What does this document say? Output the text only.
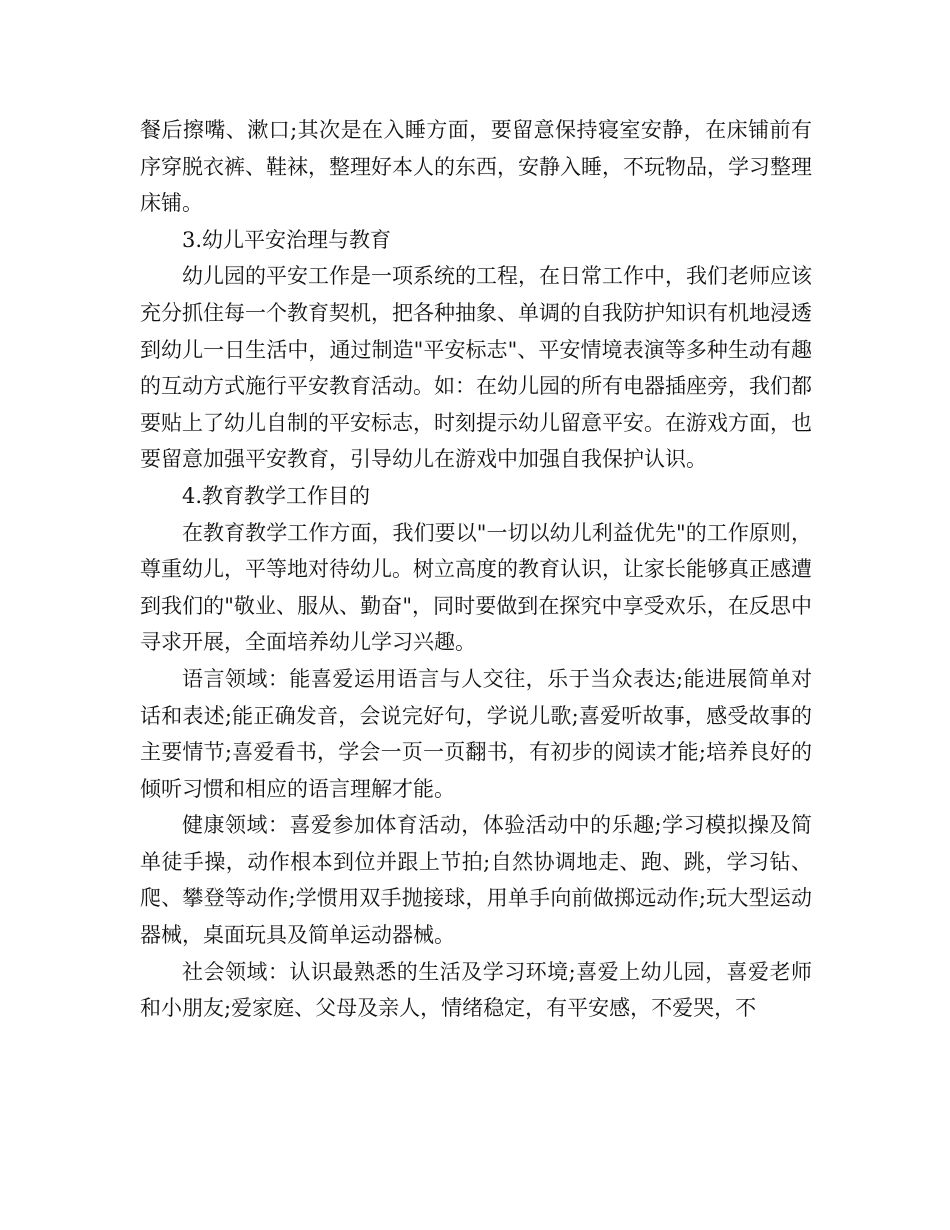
餐后擦嘴、漱口;其次是在入睡方面，要留意保持寝室安静，在床铺前有序穿脱衣裤、鞋袜，整理好本人的东西，安静入睡，不玩物品，学习整理床铺。

3.幼儿平安治理与教育

幼儿园的平安工作是一项系统的工程，在日常工作中，我们老师应该充分抓住每一个教育契机，把各种抽象、单调的自我防护知识有机地浸透到幼儿一日生活中，通过制造"平安标志"、平安情境表演等多种生动有趣的互动方式施行平安教育活动。如：在幼儿园的所有电器插座旁，我们都要贴上了幼儿自制的平安标志，时刻提示幼儿留意平安。在游戏方面，也要留意加强平安教育，引导幼儿在游戏中加强自我保护认识。

4.教育教学工作目的

在教育教学工作方面，我们要以"一切以幼儿利益优先"的工作原则，尊重幼儿，平等地对待幼儿。树立高度的教育认识，让家长能够真正感遭到我们的"敬业、服从、勤奋"，同时要做到在探究中享受欢乐，在反思中寻求开展，全面培养幼儿学习兴趣。

语言领域：能喜爱运用语言与人交往，乐于当众表达;能进展简单对话和表述;能正确发音，会说完好句，学说儿歌;喜爱听故事，感受故事的主要情节;喜爱看书，学会一页一页翻书，有初步的阅读才能;培养良好的倾听习惯和相应的语言理解才能。

健康领域：喜爱参加体育活动，体验活动中的乐趣;学习模拟操及简单徒手操，动作根本到位并跟上节拍;自然协调地走、跑、跳，学习钻、爬、攀登等动作;学惯用双手抛接球，用单手向前做掷远动作;玩大型运动器械，桌面玩具及简单运动器械。

社会领域：认识最熟悉的生活及学习环境;喜爱上幼儿园，喜爱老师和小朋友;爱家庭、父母及亲人，情绪稳定，有平安感，不爱哭，不
